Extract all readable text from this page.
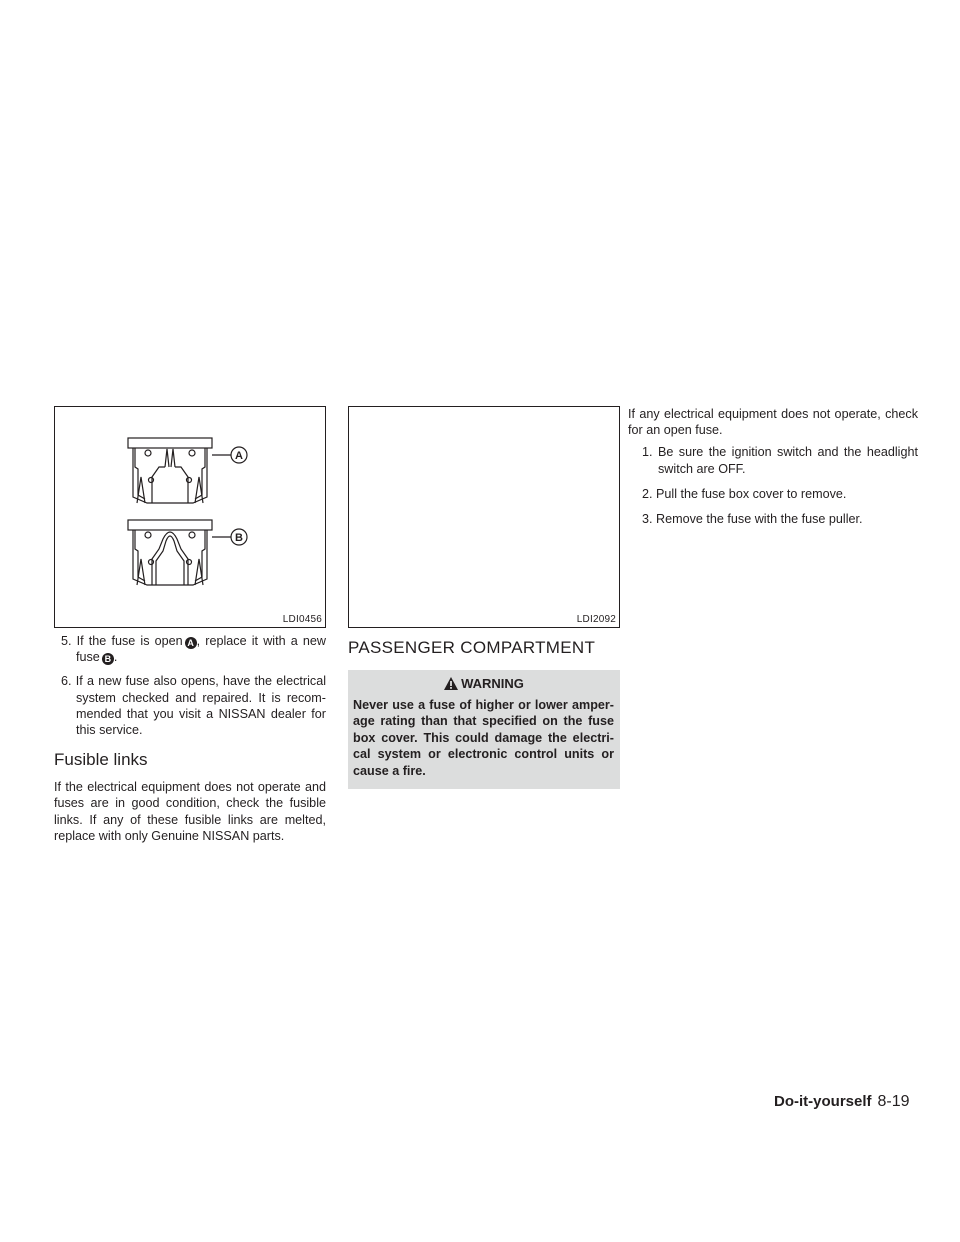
A
B
LDI0456
5. If the fuse is open A , replace it with a new fuse B .
6. If a new fuse also opens, have the electrical system checked and repaired. It is recom- mended that you visit a NISSAN dealer for this service.
Fusible links

If the electrical equipment does not operate and fuses are in good condition, check the fusible links. If any of these fusible links are melted, replace with only Genuine NISSAN parts.

LDI2092
PASSENGER COMPARTMENT
WARNING
Never use a fuse of higher or lower amper- age rating than that specified on the fuse box cover. This could damage the electri- cal system or electronic control units or cause a fire.

If any electrical equipment does not operate, check for an open fuse.

1. Be sure the ignition switch and the headlight switch are OFF.
2. Pull the fuse box cover to remove.
3. Remove the fuse with the fuse puller.
Do-it-yourself 8-19
